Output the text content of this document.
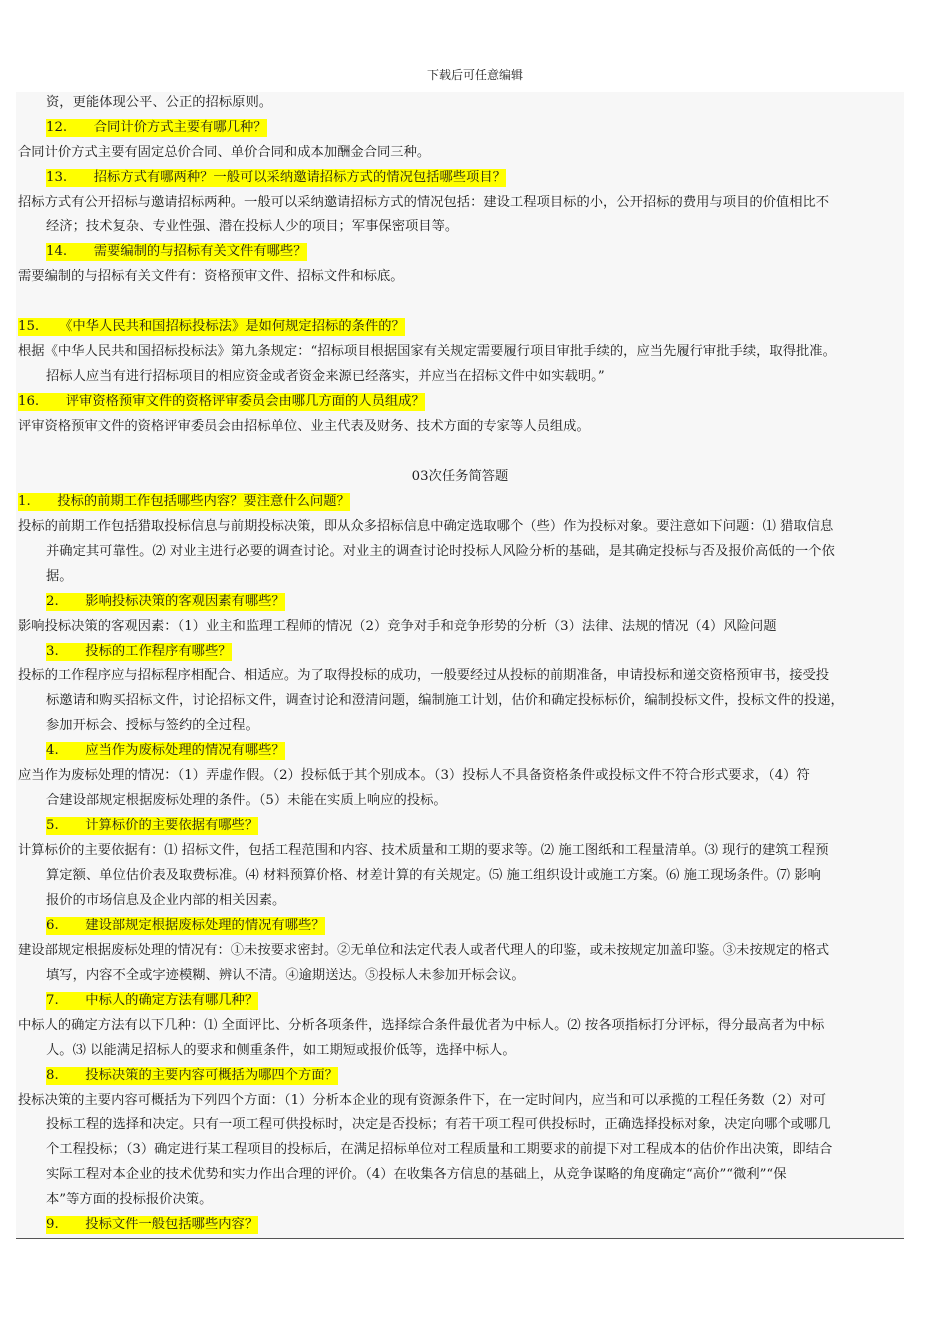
下载后可任意编辑
资，更能体现公平、公正的招标原则。
12.　　合同计价方式主要有哪几种？
合同计价方式主要有固定总价合同、单价合同和成本加酬金合同三种。
13.　　招标方式有哪两种？一般可以采纳邀请招标方式的情况包括哪些项目？
招标方式有公开招标与邀请招标两种。一般可以采纳邀请招标方式的情况包括：建设工程项目标的小，公开招标的费用与项目的价值相比不
经济；技术复杂、专业性强、潜在投标人少的项目；军事保密项目等。
14.　　需要编制的与招标有关文件有哪些？
需要编制的与招标有关文件有：资格预审文件、招标文件和标底。
15.　　《中华人民共和国招标投标法》是如何规定招标的条件的？
根据《中华人民共和国招标投标法》第九条规定：“招标项目根据国家有关规定需要履行项目审批手续的，应当先履行审批手续，取得批准。
招标人应当有进行招标项目的相应资金或者资金来源已经落实，并应当在招标文件中如实载明。”
16.　　评审资格预审文件的资格评审委员会由哪几方面的人员组成？
评审资格预审文件的资格评审委员会由招标单位、业主代表及财务、技术方面的专家等人员组成。
03次任务简答题
1.　　投标的前期工作包括哪些内容？要注意什么问题？
投标的前期工作包括猎取投标信息与前期投标决策，即从众多招标信息中确定选取哪个（些）作为投标对象。要注意如下问题：⑴ 猎取信息
并确定其可靠性。⑵ 对业主进行必要的调查讨论。对业主的调查讨论时投标人风险分析的基础，是其确定投标与否及报价高低的一个依
据。
2.　　影响投标决策的客观因素有哪些？
影响投标决策的客观因素：（1）业主和监理工程师的情况（2）竞争对手和竞争形势的分析（3）法律、法规的情况（4）风险问题
3.　　投标的工作程序有哪些？
投标的工作程序应与招标程序相配合、相适应。为了取得投标的成功，一般要经过从投标的前期准备，申请投标和递交资格预审书，接受投
标邀请和购买招标文件，讨论招标文件，调查讨论和澄清问题，编制施工计划，估价和确定投标标价，编制投标文件，投标文件的投递，
参加开标会、授标与签约的全过程。
4.　　应当作为废标处理的情况有哪些？
应当作为废标处理的情况：（1）弄虚作假。（2）投标低于其个别成本。（3）投标人不具备资格条件或投标文件不符合形式要求，（4）符
合建设部规定根据废标处理的条件。（5）未能在实质上响应的投标。
5.　　计算标价的主要依据有哪些？
计算标价的主要依据有：⑴ 招标文件，包括工程范围和内容、技术质量和工期的要求等。⑵ 施工图纸和工程量清单。⑶ 现行的建筑工程预
算定额、单位估价表及取费标准。⑷ 材料预算价格、材差计算的有关规定。⑸ 施工组织设计或施工方案。⑹ 施工现场条件。⑺ 影响
报价的市场信息及企业内部的相关因素。
6.　　建设部规定根据废标处理的情况有哪些？
建设部规定根据废标处理的情况有：①未按要求密封。②无单位和法定代表人或者代理人的印鉴，或未按规定加盖印鉴。③未按规定的格式
填写，内容不全或字迹模糊、辨认不清。④逾期送达。⑤投标人未参加开标会议。
7.　　中标人的确定方法有哪几种？
中标人的确定方法有以下几种：⑴ 全面评比、分析各项条件，选择综合条件最优者为中标人。⑵ 按各项指标打分评标，得分最高者为中标
人。⑶ 以能满足招标人的要求和侧重条件，如工期短或报价低等，选择中标人。
8.　　投标决策的主要内容可概括为哪四个方面？
投标决策的主要内容可概括为下列四个方面：（1）分析本企业的现有资源条件下，在一定时间内，应当和可以承揽的工程任务数（2）对可
投标工程的选择和决定。只有一项工程可供投标时，决定是否投标；有若干项工程可供投标时，正确选择投标对象，决定向哪个或哪几
个工程投标；（3）确定进行某工程项目的投标后，在满足招标单位对工程质量和工期要求的前提下对工程成本的估价作出决策，即结合
实际工程对本企业的技术优势和实力作出合理的评价。（4）在收集各方信息的基础上，从竞争谋略的角度确定“高价”“微利”“保
本”等方面的投标报价决策。
9.　　投标文件一般包括哪些内容？
